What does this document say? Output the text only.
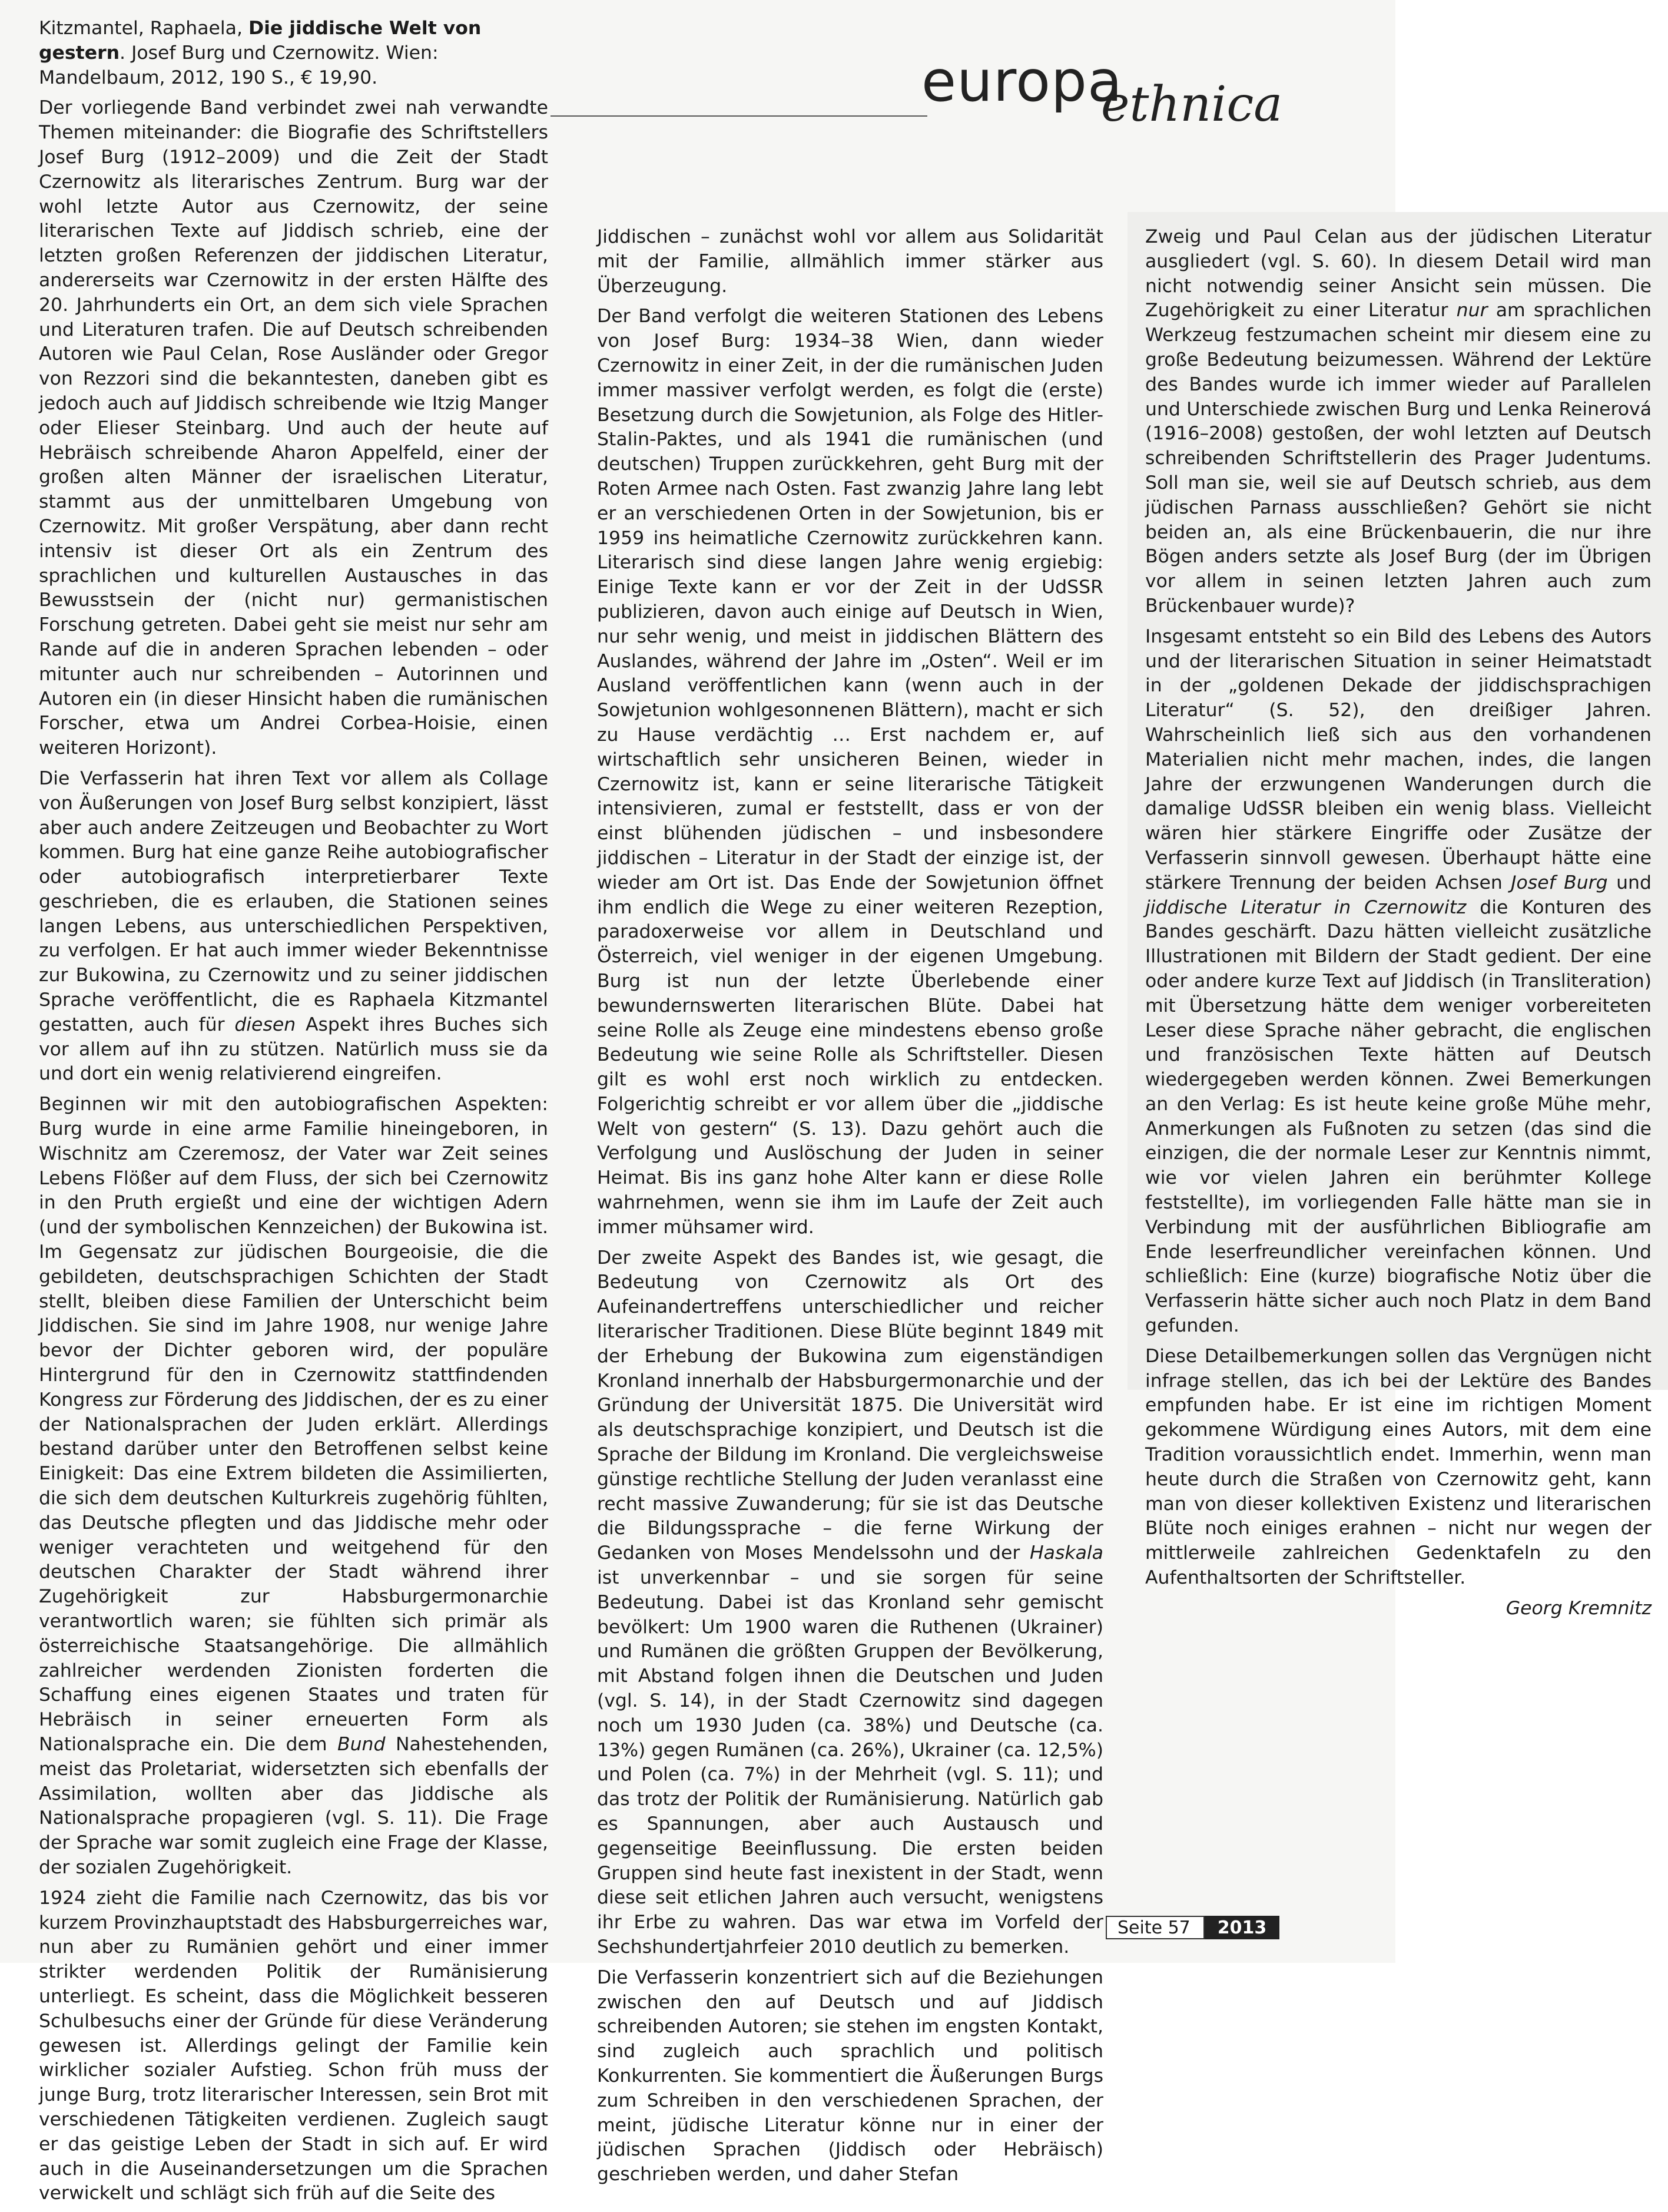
europa
ethnica

Kitzmantel, Raphaela, Die jiddische Welt von gestern. Josef Burg und Czernowitz. Wien: Mandelbaum, 2012, 190 S., € 19,90.

Der vorliegende Band verbindet zwei nah verwandte Themen miteinander: die Biografie des Schriftstellers Josef Burg (1912–2009) und die Zeit der Stadt Czernowitz als literarisches Zentrum. Burg war der wohl letzte Autor aus Czernowitz, der seine literarischen Texte auf Jiddisch schrieb, eine der letzten großen Referenzen der jiddischen Literatur, andererseits war Czernowitz in der ersten Hälfte des 20. Jahrhunderts ein Ort, an dem sich viele Sprachen und Literaturen trafen. Die auf Deutsch schreibenden Autoren wie Paul Celan, Rose Ausländer oder Gregor von Rezzori sind die bekanntesten, daneben gibt es jedoch auch auf Jiddisch schreibende wie Itzig Manger oder Elieser Steinbarg. Und auch der heute auf Hebräisch schreibende Aharon Appelfeld, einer der großen alten Männer der israelischen Literatur, stammt aus der unmittelbaren Umgebung von Czernowitz. Mit großer Verspätung, aber dann recht intensiv ist dieser Ort als ein Zentrum des sprachlichen und kulturellen Austausches in das Bewusstsein der (nicht nur) germanistischen Forschung getreten. Dabei geht sie meist nur sehr am Rande auf die in anderen Sprachen lebenden – oder mitunter auch nur schreibenden – Autorinnen und Autoren ein (in dieser Hinsicht haben die rumänischen Forscher, etwa um Andrei Corbea-Hoisie, einen weiteren Horizont).

Die Verfasserin hat ihren Text vor allem als Collage von Äußerungen von Josef Burg selbst konzipiert, lässt aber auch andere Zeitzeugen und Beobachter zu Wort kommen. Burg hat eine ganze Reihe autobiografischer oder autobiografisch interpretierbarer Texte geschrieben, die es erlauben, die Stationen seines langen Lebens, aus unterschiedlichen Perspektiven, zu verfolgen. Er hat auch immer wieder Bekenntnisse zur Bukowina, zu Czernowitz und zu seiner jiddischen Sprache veröffentlicht, die es Raphaela Kitzmantel gestatten, auch für diesen Aspekt ihres Buches sich vor allem auf ihn zu stützen. Natürlich muss sie da und dort ein wenig relativierend eingreifen.

Beginnen wir mit den autobiografischen Aspekten: Burg wurde in eine arme Familie hineingeboren, in Wischnitz am Czeremosz, der Vater war Zeit seines Lebens Flößer auf dem Fluss, der sich bei Czernowitz in den Pruth ergießt und eine der wichtigen Adern (und der symbolischen Kennzeichen) der Bukowina ist. Im Gegensatz zur jüdischen Bourgeoisie, die die gebildeten, deutschsprachigen Schichten der Stadt stellt, bleiben diese Familien der Unterschicht beim Jiddischen. Sie sind im Jahre 1908, nur wenige Jahre bevor der Dichter geboren wird, der populäre Hintergrund für den in Czernowitz stattfindenden Kongress zur Förderung des Jiddischen, der es zu einer der Nationalsprachen der Juden erklärt. Allerdings bestand darüber unter den Betroffenen selbst keine Einigkeit: Das eine Extrem bildeten die Assimilierten, die sich dem deutschen Kulturkreis zugehörig fühlten, das Deutsche pflegten und das Jiddische mehr oder weniger verachteten und weitgehend für den deutschen Charakter der Stadt während ihrer Zugehörigkeit zur Habsburgermonarchie verantwortlich waren; sie fühlten sich primär als österreichische Staatsangehörige. Die allmählich zahlreicher werdenden Zionisten forderten die Schaffung eines eigenen Staates und traten für Hebräisch in seiner erneuerten Form als Nationalsprache ein. Die dem Bund Nahestehenden, meist das Proletariat, widersetzten sich ebenfalls der Assimilation, wollten aber das Jiddische als Nationalsprache propagieren (vgl. S. 11). Die Frage der Sprache war somit zugleich eine Frage der Klasse, der sozialen Zugehörigkeit.

1924 zieht die Familie nach Czernowitz, das bis vor kurzem Provinzhauptstadt des Habsburgerreiches war, nun aber zu Rumänien gehört und einer immer strikter werdenden Politik der Rumänisierung unterliegt. Es scheint, dass die Möglichkeit besseren Schulbesuchs einer der Gründe für diese Veränderung gewesen ist. Allerdings gelingt der Familie kein wirklicher sozialer Aufstieg. Schon früh muss der junge Burg, trotz literarischer Interessen, sein Brot mit verschiedenen Tätigkeiten verdienen. Zugleich saugt er das geistige Leben der Stadt in sich auf. Er wird auch in die Auseinandersetzungen um die Sprachen verwickelt und schlägt sich früh auf die Seite des

Jiddischen – zunächst wohl vor allem aus Solidarität mit der Familie, allmählich immer stärker aus Überzeugung.

Der Band verfolgt die weiteren Stationen des Lebens von Josef Burg: 1934–38 Wien, dann wieder Czernowitz in einer Zeit, in der die rumänischen Juden immer massiver verfolgt werden, es folgt die (erste) Besetzung durch die Sowjetunion, als Folge des Hitler-Stalin-Paktes, und als 1941 die rumänischen (und deutschen) Truppen zurückkehren, geht Burg mit der Roten Armee nach Osten. Fast zwanzig Jahre lang lebt er an verschiedenen Orten in der Sowjetunion, bis er 1959 ins heimatliche Czernowitz zurückkehren kann. Literarisch sind diese langen Jahre wenig ergiebig: Einige Texte kann er vor der Zeit in der UdSSR publizieren, davon auch einige auf Deutsch in Wien, nur sehr wenig, und meist in jiddischen Blättern des Auslandes, während der Jahre im „Osten“. Weil er im Ausland veröffentlichen kann (wenn auch in der Sowjetunion wohlgesonnenen Blättern), macht er sich zu Hause verdächtig … Erst nachdem er, auf wirtschaftlich sehr unsicheren Beinen, wieder in Czernowitz ist, kann er seine literarische Tätigkeit intensivieren, zumal er feststellt, dass er von der einst blühenden jüdischen – und insbesondere jiddischen – Literatur in der Stadt der einzige ist, der wieder am Ort ist. Das Ende der Sowjetunion öffnet ihm endlich die Wege zu einer weiteren Rezeption, paradoxerweise vor allem in Deutschland und Österreich, viel weniger in der eigenen Umgebung. Burg ist nun der letzte Überlebende einer bewundernswerten literarischen Blüte. Dabei hat seine Rolle als Zeuge eine mindestens ebenso große Bedeutung wie seine Rolle als Schriftsteller. Diesen gilt es wohl erst noch wirklich zu entdecken. Folgerichtig schreibt er vor allem über die „jiddische Welt von gestern“ (S. 13). Dazu gehört auch die Verfolgung und Auslöschung der Juden in seiner Heimat. Bis ins ganz hohe Alter kann er diese Rolle wahrnehmen, wenn sie ihm im Laufe der Zeit auch immer mühsamer wird.

Der zweite Aspekt des Bandes ist, wie gesagt, die Bedeutung von Czernowitz als Ort des Aufeinandertreffens unterschiedlicher und reicher literarischer Traditionen. Diese Blüte beginnt 1849 mit der Erhebung der Bukowina zum eigenständigen Kronland innerhalb der Habsburgermonarchie und der Gründung der Universität 1875. Die Universität wird als deutschsprachige konzipiert, und Deutsch ist die Sprache der Bildung im Kronland. Die vergleichsweise günstige rechtliche Stellung der Juden veranlasst eine recht massive Zuwanderung; für sie ist das Deutsche die Bildungssprache – die ferne Wirkung der Gedanken von Moses Mendelssohn und der Haskala ist unverkennbar – und sie sorgen für seine Bedeutung. Dabei ist das Kronland sehr gemischt bevölkert: Um 1900 waren die Ruthenen (Ukrainer) und Rumänen die größten Gruppen der Bevölkerung, mit Abstand folgen ihnen die Deutschen und Juden (vgl. S. 14), in der Stadt Czernowitz sind dagegen noch um 1930 Juden (ca. 38%) und Deutsche (ca. 13%) gegen Rumänen (ca. 26%), Ukrainer (ca. 12,5%) und Polen (ca. 7%) in der Mehrheit (vgl. S. 11); und das trotz der Politik der Rumänisierung. Natürlich gab es Spannungen, aber auch Austausch und gegenseitige Beeinflussung. Die ersten beiden Gruppen sind heute fast inexistent in der Stadt, wenn diese seit etlichen Jahren auch versucht, wenigstens ihr Erbe zu wahren. Das war etwa im Vorfeld der Sechshundertjahrfeier 2010 deutlich zu bemerken.

Die Verfasserin konzentriert sich auf die Beziehungen zwischen den auf Deutsch und auf Jiddisch schreibenden Autoren; sie stehen im engsten Kontakt, sind zugleich auch sprachlich und politisch Konkurrenten. Sie kommentiert die Äußerungen Burgs zum Schreiben in den verschiedenen Sprachen, der meint, jüdische Literatur könne nur in einer der jüdischen Sprachen (Jiddisch oder Hebräisch) geschrieben werden, und daher Stefan

Zweig und Paul Celan aus der jüdischen Literatur ausgliedert (vgl. S. 60). In diesem Detail wird man nicht notwendig seiner Ansicht sein müssen. Die Zugehörigkeit zu einer Literatur nur am sprachlichen Werkzeug festzumachen scheint mir diesem eine zu große Bedeutung beizumessen. Während der Lektüre des Bandes wurde ich immer wieder auf Parallelen und Unterschiede zwischen Burg und Lenka Reinerová (1916–2008) gestoßen, der wohl letzten auf Deutsch schreibenden Schriftstellerin des Prager Judentums. Soll man sie, weil sie auf Deutsch schrieb, aus dem jüdischen Parnass ausschließen? Gehört sie nicht beiden an, als eine Brückenbauerin, die nur ihre Bögen anders setzte als Josef Burg (der im Übrigen vor allem in seinen letzten Jahren auch zum Brückenbauer wurde)?

Insgesamt entsteht so ein Bild des Lebens des Autors und der literarischen Situation in seiner Heimatstadt in der „goldenen Dekade der jiddischsprachigen Literatur“ (S. 52), den dreißiger Jahren. Wahrscheinlich ließ sich aus den vorhandenen Materialien nicht mehr machen, indes, die langen Jahre der erzwungenen Wanderungen durch die damalige UdSSR bleiben ein wenig blass. Vielleicht wären hier stärkere Eingriffe oder Zusätze der Verfasserin sinnvoll gewesen. Überhaupt hätte eine stärkere Trennung der beiden Achsen Josef Burg und jiddische Literatur in Czernowitz die Konturen des Bandes geschärft. Dazu hätten vielleicht zusätzliche Illustrationen mit Bildern der Stadt gedient. Der eine oder andere kurze Text auf Jiddisch (in Transliteration) mit Übersetzung hätte dem weniger vorbereiteten Leser diese Sprache näher gebracht, die englischen und französischen Texte hätten auf Deutsch wiedergegeben werden können. Zwei Bemerkungen an den Verlag: Es ist heute keine große Mühe mehr, Anmerkungen als Fußnoten zu setzen (das sind die einzigen, die der normale Leser zur Kenntnis nimmt, wie vor vielen Jahren ein berühmter Kollege feststellte), im vorliegenden Falle hätte man sie in Verbindung mit der ausführlichen Bibliografie am Ende leserfreundlicher vereinfachen können. Und schließlich: Eine (kurze) biografische Notiz über die Verfasserin hätte sicher auch noch Platz in dem Band gefunden.

Diese Detailbemerkungen sollen das Vergnügen nicht infrage stellen, das ich bei der Lektüre des Bandes empfunden habe. Er ist eine im richtigen Moment gekommene Würdigung eines Autors, mit dem eine Tradition voraussichtlich endet. Immerhin, wenn man heute durch die Straßen von Czernowitz geht, kann man von dieser kollektiven Existenz und literarischen Blüte noch einiges erahnen – nicht nur wegen der mittlerweile zahlreichen Gedenktafeln zu den Aufenthaltsorten der Schriftsteller.

Georg Kremnitz

Seite 57	2013
